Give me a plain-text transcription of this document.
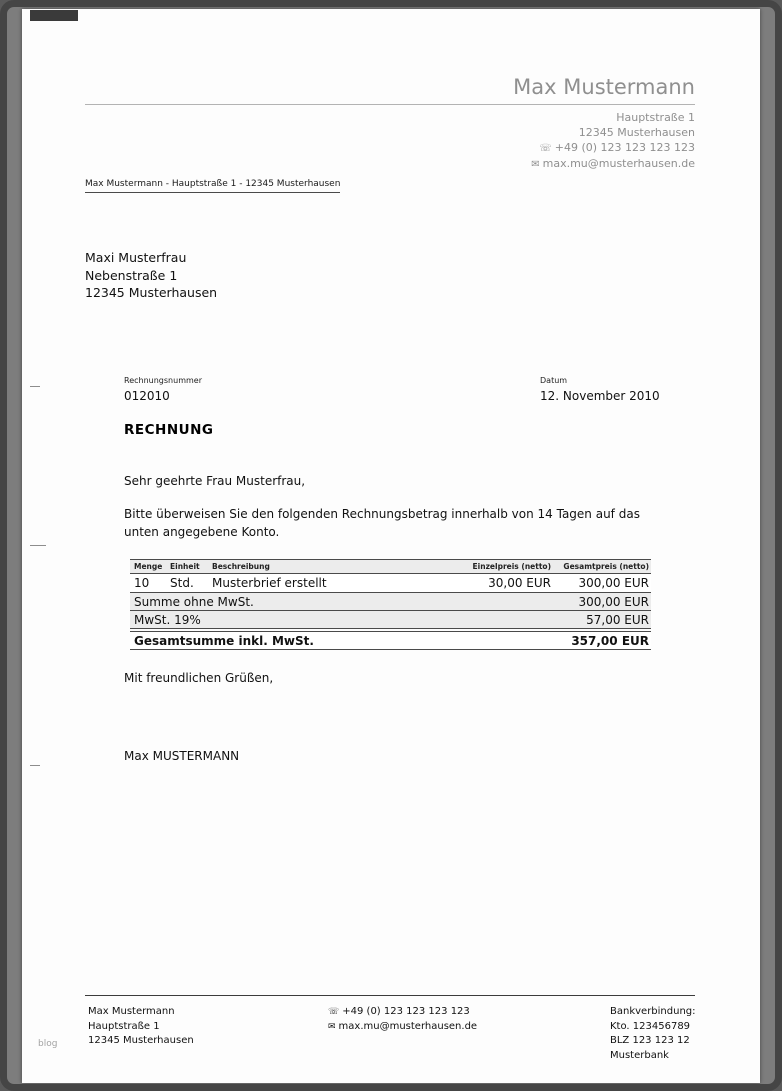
blog
Max Mustermann
Hauptstraße 1
12345 Musterhausen
☏ +49 (0) 123 123 123 123
✉ max.mu@musterhausen.de
Max Mustermann - Hauptstraße 1 - 12345 Musterhausen
Maxi Musterfrau
Nebenstraße 1
12345 Musterhausen
Rechnungsnummer
012010
Datum
12. November 2010
RECHNUNG
Sehr geehrte Frau Musterfrau,
Bitte überweisen Sie den folgenden Rechnungsbetrag innerhalb von 14 Tagen auf das unten angegebene Konto.
Menge	Einheit	Beschreibung	Einzelpreis (netto)	Gesamtpreis (netto)
10	Std.	Musterbrief erstellt	30,00 EUR	300,00 EUR
Summe ohne MwSt.	300,00 EUR
MwSt. 19%	57,00 EUR
Gesamtsumme inkl. MwSt.	357,00 EUR
Mit freundlichen Grüßen,
Max MUSTERMANN
Max Mustermann
Hauptstraße 1
12345 Musterhausen
☏ +49 (0) 123 123 123 123
✉ max.mu@musterhausen.de
Bankverbindung:
Kto. 123456789
BLZ 123 123 12
Musterbank
